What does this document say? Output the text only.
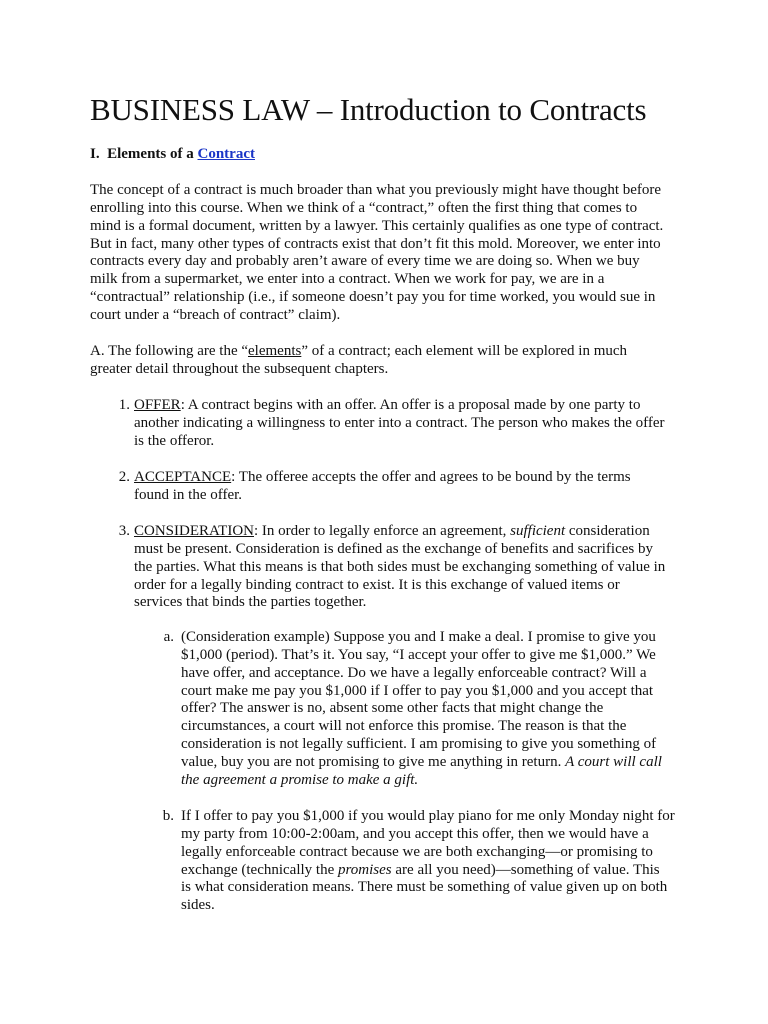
BUSINESS LAW – Introduction to Contracts

I. Elements of a Contract

The concept of a contract is much broader than what you previously might have thought before
enrolling into this course. When we think of a “contract,” often the first thing that comes to
mind is a formal document, written by a lawyer. This certainly qualifies as one type of contract.
But in fact, many other types of contracts exist that don’t fit this mold. Moreover, we enter into
contracts every day and probably aren’t aware of every time we are doing so. When we buy
milk from a supermarket, we enter into a contract. When we work for pay, we are in a
“contractual” relationship (i.e., if someone doesn’t pay you for time worked, you would sue in
court under a “breach of contract” claim).

A. The following are the “elements” of a contract; each element will be explored in much
greater detail throughout the subsequent chapters.

1. OFFER: A contract begins with an offer. An offer is a proposal made by one party to
another indicating a willingness to enter into a contract. The person who makes the offer
is the offeror.
2. ACCEPTANCE: The offeree accepts the offer and agrees to be bound by the terms
found in the offer.
3. CONSIDERATION: In order to legally enforce an agreement, sufficient consideration
must be present. Consideration is defined as the exchange of benefits and sacrifices by
the parties. What this means is that both sides must be exchanging something of value in
order for a legally binding contract to exist. It is this exchange of valued items or
services that binds the parties together.
a. (Consideration example) Suppose you and I make a deal. I promise to give you
$1,000 (period). That’s it. You say, “I accept your offer to give me $1,000.” We
have offer, and acceptance. Do we have a legally enforceable contract? Will a
court make me pay you $1,000 if I offer to pay you $1,000 and you accept that
offer? The answer is no, absent some other facts that might change the
circumstances, a court will not enforce this promise. The reason is that the
consideration is not legally sufficient. I am promising to give you something of
value, buy you are not promising to give me anything in return. A court will call
the agreement a promise to make a gift.
b. If I offer to pay you $1,000 if you would play piano for me only Monday night for
my party from 10:00-2:00am, and you accept this offer, then we would have a
legally enforceable contract because we are both exchanging—or promising to
exchange (technically the promises are all you need)—something of value. This
is what consideration means. There must be something of value given up on both
sides.
